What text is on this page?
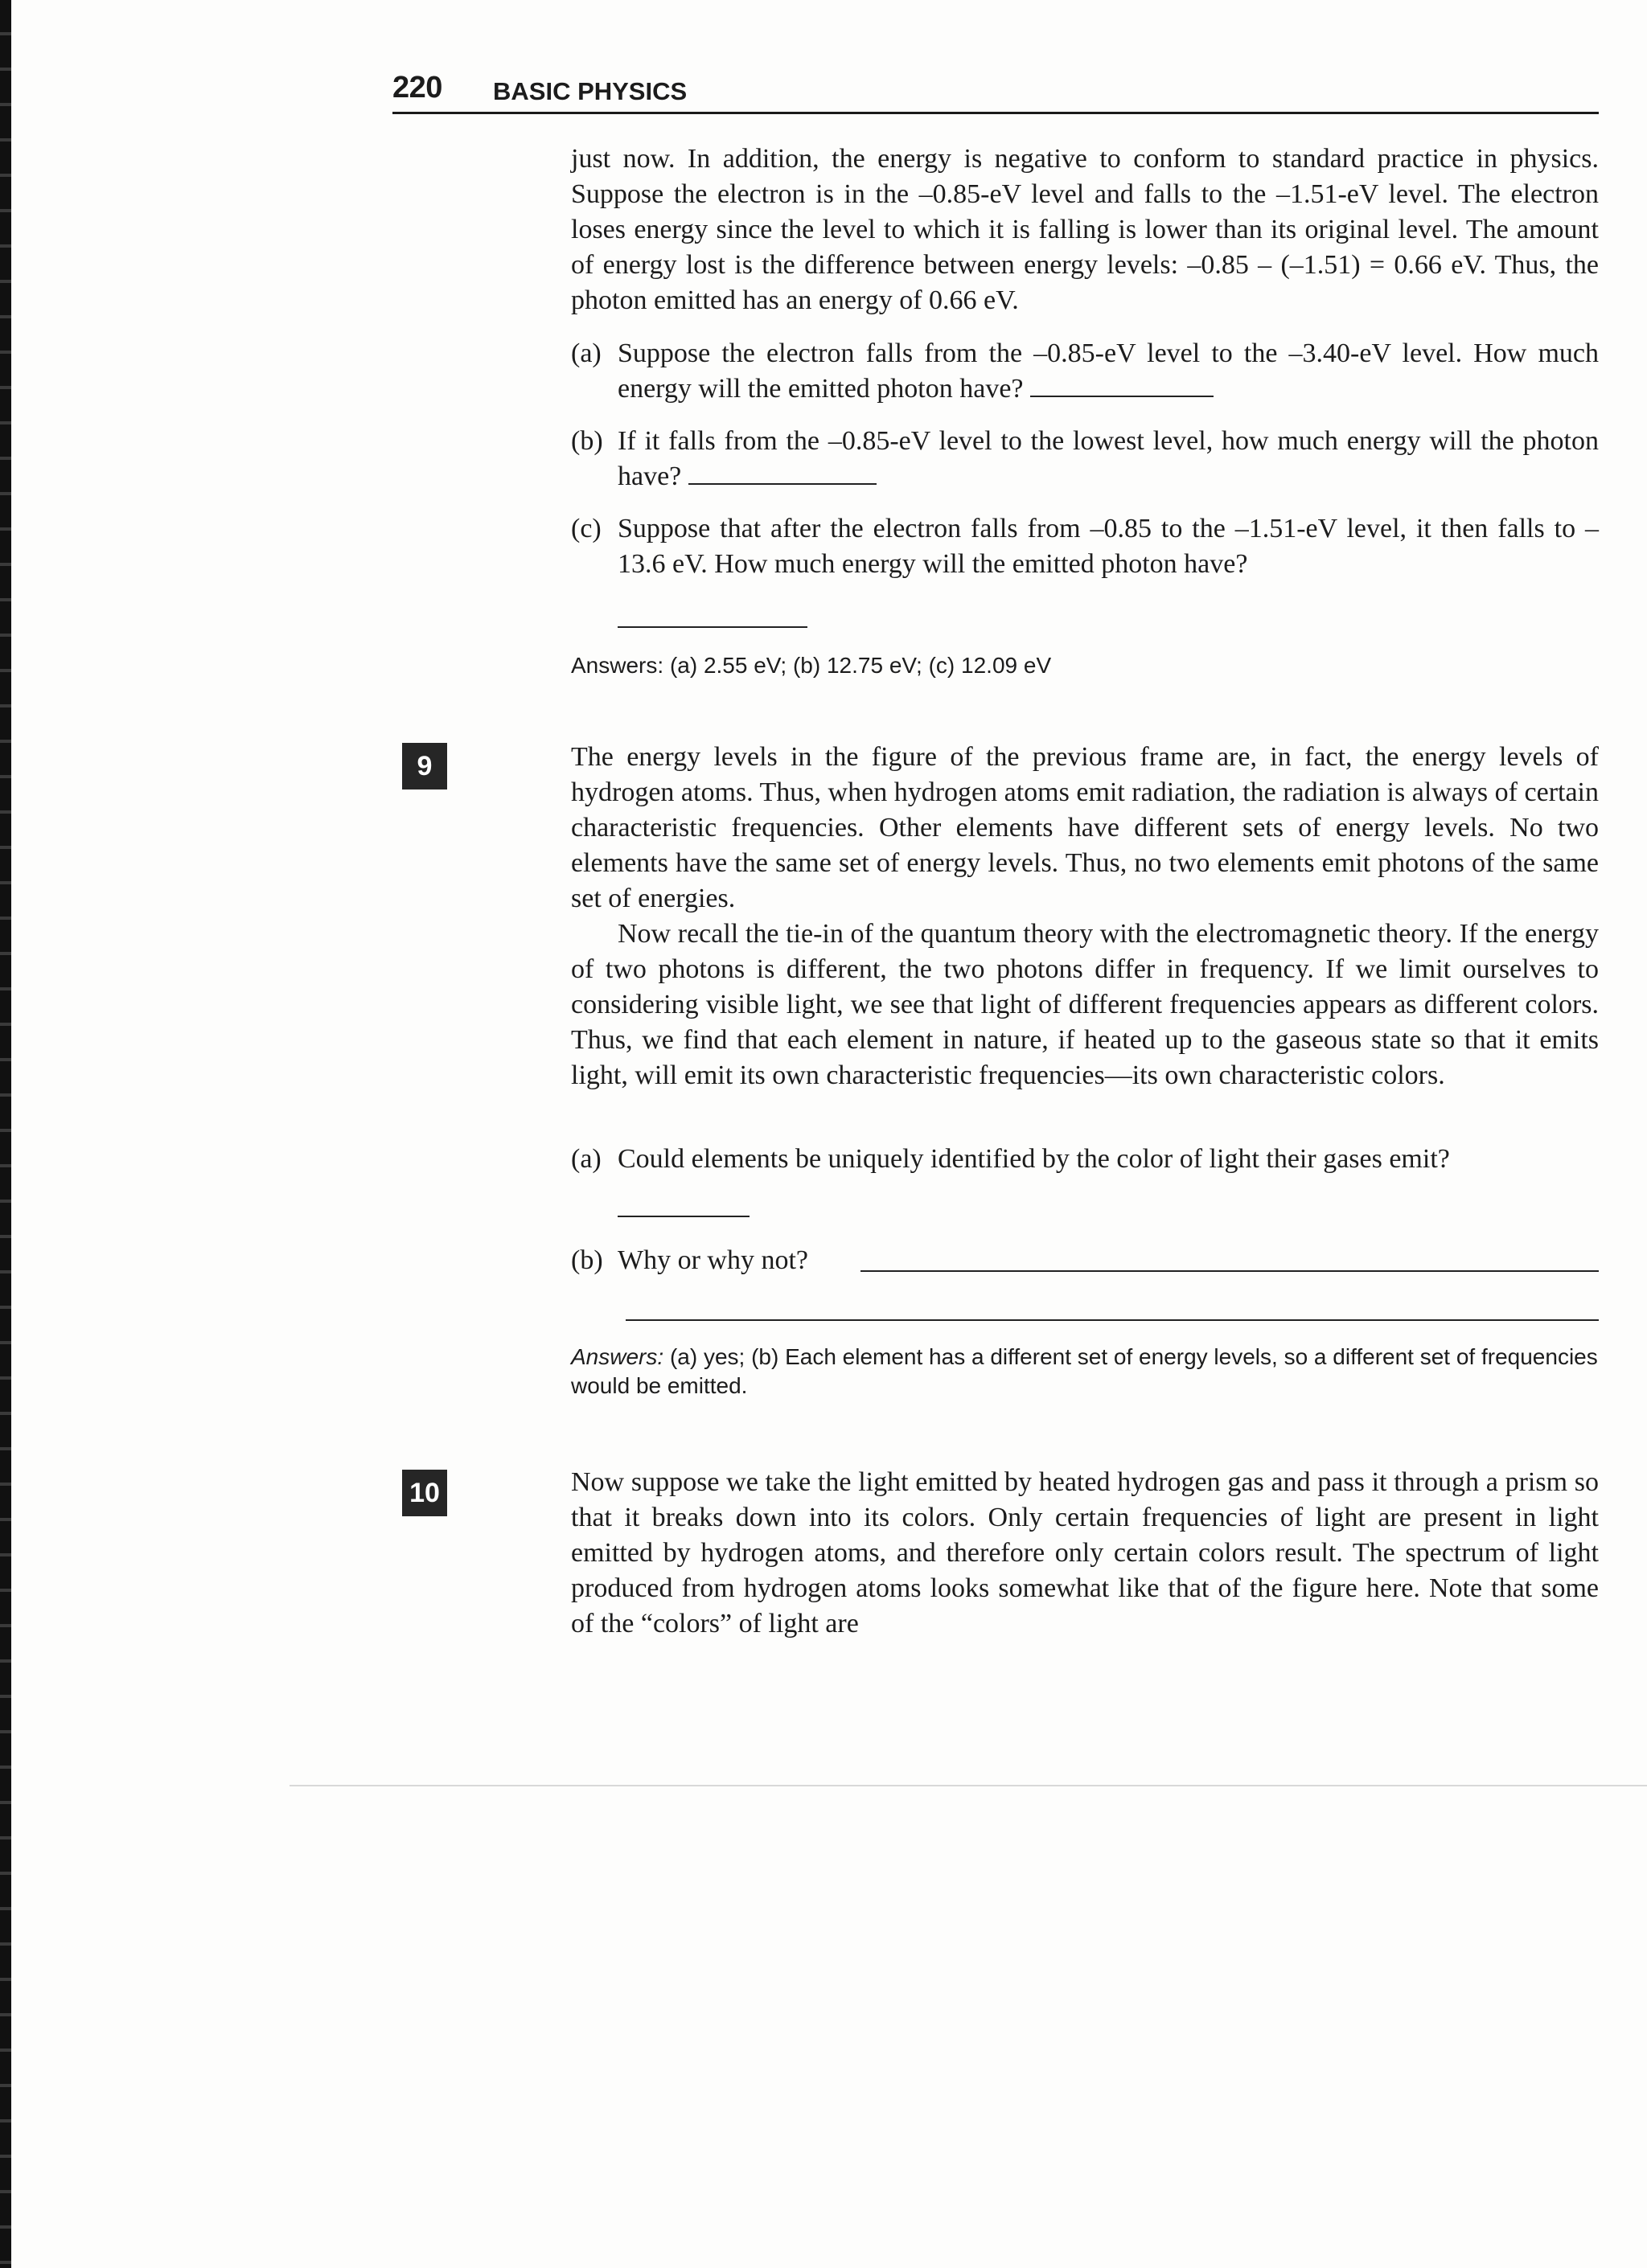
220 BASIC PHYSICS

just now. In addition, the energy is negative to conform to standard practice in physics. Suppose the electron is in the –0.85-eV level and falls to the –1.51-eV level. The electron loses energy since the level to which it is falling is lower than its original level. The amount of energy lost is the difference between energy levels: –0.85 – (–1.51) = 0.66 eV. Thus, the photon emitted has an energy of 0.66 eV.

(a) Suppose the electron falls from the –0.85-eV level to the –3.40-eV level. How much energy will the emitted photon have?
(b) If it falls from the –0.85-eV level to the lowest level, how much energy will the photon have?
(c) Suppose that after the electron falls from –0.85 to the –1.51-eV level, it then falls to –13.6 eV. How much energy will the emitted photon have?
Answers: (a) 2.55 eV; (b) 12.75 eV; (c) 12.09 eV
9	The energy levels in the figure of the previous frame are, in fact, the energy levels of hydrogen atoms. Thus, when hydrogen atoms emit radiation, the radiation is always of certain characteristic frequencies. Other elements have different sets of energy levels. No two elements have the same set of energy levels. Thus, no two elements emit photons of the same set of energies.

Now recall the tie-in of the quantum theory with the electromagnetic theory. If the energy of two photons is different, the two photons differ in frequency. If we limit ourselves to considering visible light, we see that light of different frequencies appears as different colors. Thus, we find that each element in nature, if heated up to the gaseous state so that it emits light, will emit its own characteristic frequencies—its own characteristic colors.

(a) Could elements be uniquely identified by the color of light their gases emit?
(b) Why or why not?
Answers: (a) yes; (b) Each element has a different set of energy levels, so a different set of frequencies would be emitted.
10	Now suppose we take the light emitted by heated hydrogen gas and pass it through a prism so that it breaks down into its colors. Only certain frequencies of light are present in light emitted by hydrogen atoms, and therefore only certain colors result. The spectrum of light produced from hydrogen atoms looks somewhat like that of the figure here. Note that some of the “colors” of light are
